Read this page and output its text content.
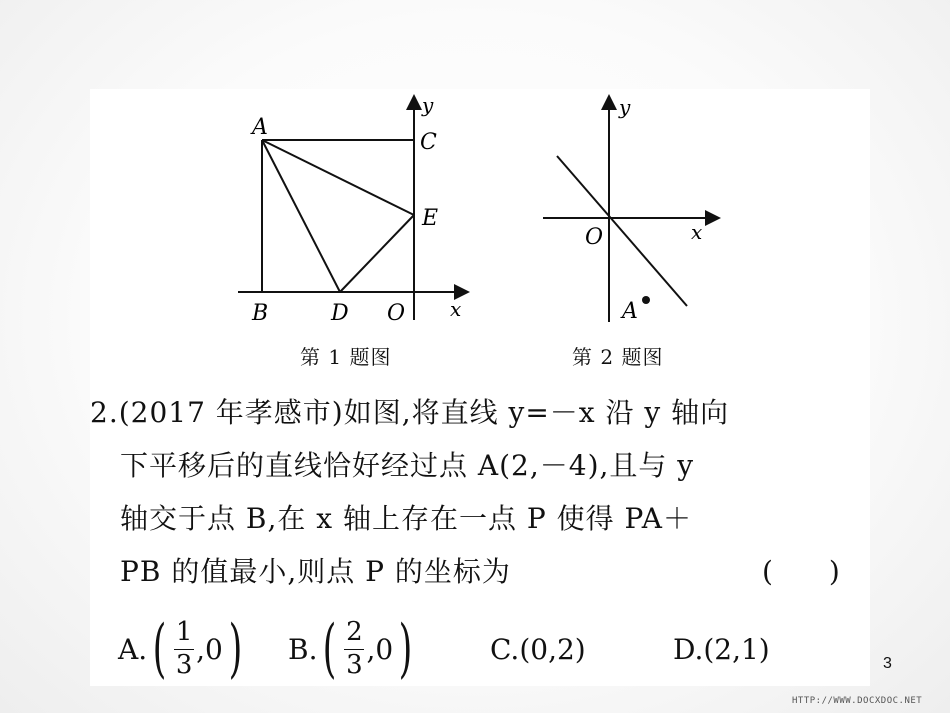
A
C
E
B	D O x
y
第 1 题图
A
O	x
y
第 2 题图
2.(2017 年孝感市)如图,将直线 y=－x 沿 y 轴向
下平移后的直线恰好经过点 A(2,－4),且与 y
轴交于点 B,在 x 轴上存在一点 P 使得 PA＋
PB 的值最小,则点 P 的坐标为	(　　)
A. ( $\frac{1}{3} ,0$ ) B. ( $\frac{2}{3} ,0$ )	C.(0,2)	D.(2,1)	3
HTTP://WWW.DOCXDOC.NET
